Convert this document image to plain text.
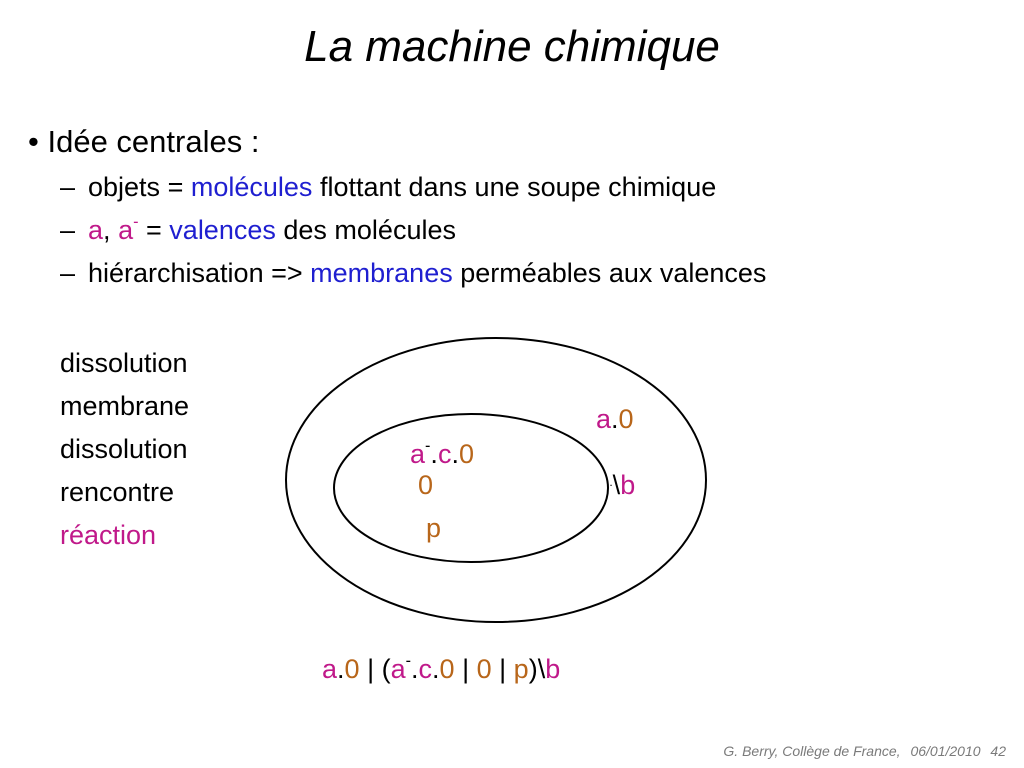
La machine chimique
• Idée centrales :
– objets = molécules flottant dans une soupe chimique
– a, a- = valences des molécules
– hiérarchisation => membranes perméables aux valences
dissolution
membrane
dissolution
rencontre
réaction
a.0
a-.c.0
0
p
..\b
a.0 | (a-.c.0 | 0 | p)\b
G. Berry, Collège de France, 06/01/2010 42
